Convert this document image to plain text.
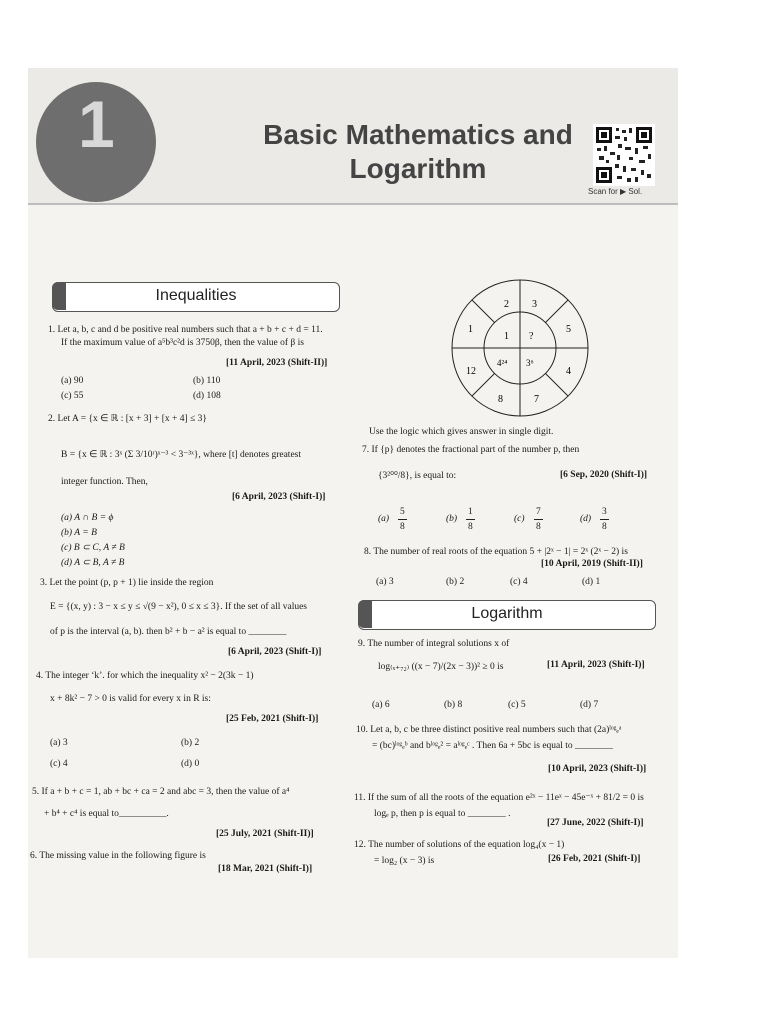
1	Basic Mathematics and
Logarithm
Scan for ▶ Sol.
Inequalities
1. Let a, b, c and d be positive real numbers such that a + b + c + d = 11.
If the maximum value of a⁵b³c²d is 3750β, then the value of β is
[11 April, 2023 (Shift-II)]
(a) 90	(b) 110
(c) 55	(d) 108
2. Let A = {x ∈ ℝ : [x + 3] + [x + 4] ≤ 3}
B = {x ∈ ℝ : 3ˣ (Σ 3/10ʳ)ˣ⁻³ < 3⁻³ˣ}, where [t] denotes greatest
integer function. Then,
[6 April, 2023 (Shift-I)]
(a) A ∩ B = ϕ
(b) A = B
(c) B ⊂ C, A ≠ B
(d) A ⊂ B, A ≠ B
3. Let the point (p, p + 1) lie inside the region
E = {(x, y) : 3 − x ≤ y ≤ √(9 − x²), 0 ≤ x ≤ 3}. If the set of all values
of p is the interval (a, b). then b² + b − a² is equal to ________
[6 April, 2023 (Shift-I)]
4. The integer ‘k’. for which the inequality x² − 2(3k − 1)
x + 8k² − 7 > 0 is valid for every x in R is:
[25 Feb, 2021 (Shift-I)]
(a) 3	(b) 2
(c) 4	(d) 0
5. If a + b + c = 1, ab + bc + ca = 2 and abc = 3, then the value of a⁴
+ b⁴ + c⁴ is equal to__________.
[25 July, 2021 (Shift-II)]
6. The missing value in the following figure is
[18 Mar, 2021 (Shift-I)]
2 3
5
4
7
8
12
1
1 ?
4²⁴ 3⁶
Use the logic which gives answer in single digit.
7. If {p} denotes the fractional part of the number p, then
{3²⁰⁰/8}, is equal to:	[6 Sep, 2020 (Shift-I)]
(a)
5
8
(b)
1
8
(c)
7
8
(d)
3
8
8. The number of real roots of the equation 5 + |2ˣ − 1| = 2ˣ (2ˣ − 2) is
[10 April, 2019 (Shift-II)]
(a) 3	(b) 2	(c) 4	(d) 1
Logarithm
9. The number of integral solutions x of
log₍ₓ₊₇₂₎ ((x − 7)/(2x − 3))² ≥ 0 is	[11 April, 2023 (Shift-I)]
(a) 6	(b) 8	(c) 5	(d) 7
10. Let a, b, c be three distinct positive real numbers such that (2a)ˡᵒᵍₑᵃ
= (bc)ˡᵒᵍₑᵇ and bˡᵒᵍₑ² = aˡᵒᵍₑᶜ . Then 6a + 5bc is equal to ________
[10 April, 2023 (Shift-I)]
11. If the sum of all the roots of the equation e²ˣ − 11eˣ − 45e⁻ˣ + 81/2 = 0 is
logₑ p, then p is equal to ________ .
[27 June, 2022 (Shift-I)]
12. The number of solutions of the equation log₄(x − 1)
= log₂ (x − 3) is	[26 Feb, 2021 (Shift-I)]
